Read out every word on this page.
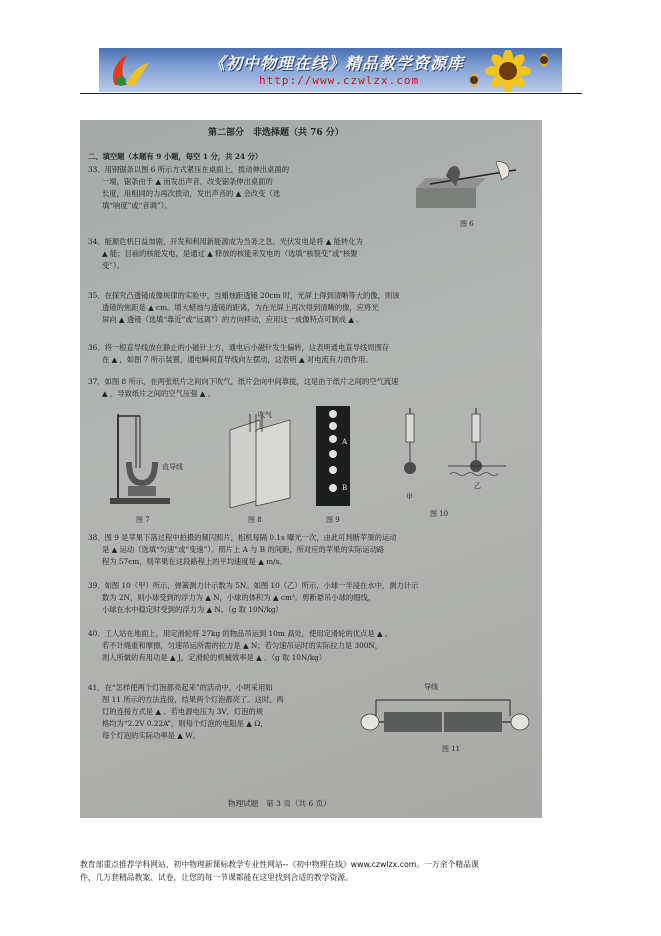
《初中物理在线》精品教学资源库
http://www.czwlzx.com
第二部分　非选择题（共 76 分）
二、填空题（本题有 9 小题，每空 1 分，共 24 分）
33．用钢锯条以图 6 所示方式紧压在桌面上，拨动伸出桌面的
一端，锯条由于 ▲ 而发出声音，改变锯条伸出桌面的
长度，用相同的力再次拨动，发出声音的 ▲ 会改变（选
填“响度”或“音调”）。
图 6
34．能源危机日益加剧，开发和利用新能源成为当务之急。光伏发电是将 ▲ 能转化为
▲ 能；目前的核能发电，是通过 ▲ 释放的核能来发电的（选填“核裂变”或“核聚
变”）。
35．在探究凸透镜成像规律的实验中，当蜡烛距透镜 20cm 时，光屏上得到清晰等大的像，则该
透镜的焦距是 ▲ cm。增大蜡烛与透镜的距离，为在光屏上再次得到清晰的像，应将光
屏向 ▲ 透镜（选填“靠近”或“远离”）的方向移动，应用这一成像特点可制成 ▲ 。
36．将一根直导线放在静止的小磁针上方，通电后小磁针发生偏转，这表明通电直导线周围存
在 ▲ ，如图 7 所示装置，通电瞬间直导线向左摆动，这表明 ▲ 对电流有力的作用。
37．如图 8 所示，在两张纸片之间向下吹气，纸片会向中间靠拢，这是由于纸片之间的空气流速
▲ ，导致纸片之间的空气压强 ▲ 。
直导线
吹气
A
B
甲
乙
图 7	图 8	图 9
图 10
38．图 9 是苹果下落过程中拍摄的频闪照片，相机每隔 0.1s 曝光一次，由此可判断苹果的运动
是 ▲ 运动（选填“匀速”或“变速”）。照片上 A 与 B 的间距，所对应的苹果的实际运动路
程为 57cm，则苹果在这段路程上的平均速度是 ▲ m/s。
39．如图 10（甲）所示，弹簧测力计示数为 5N。如图 10（乙）所示，小球一半浸在水中，测力计示
数为 2N，则小球受到的浮力为 ▲ N，小球的体积为 ▲ cm³。剪断悬吊小球的细线，
小球在水中稳定时受到的浮力为 ▲ N。（g 取 10N/kg）
40．工人站在地面上，用定滑轮将 27kg 的物品吊运到 10m 高处，使用定滑轮的优点是 ▲ 。
若不计绳重和摩擦，匀速吊运所需的拉力是 ▲ N；若匀速吊运时的实际拉力是 300N，
则人所做的有用功是 ▲ J，定滑轮的机械效率是 ▲ 。（g 取 10N/kg）
41．在“怎样使两个灯泡都亮起来”的活动中，小明采用如
图 11 所示的方法连接，结果两个灯泡都亮了。这时，两
灯的连接方式是 ▲ 。若电源电压为 3V，灯泡的规
格均为“2.2V 0.22A”，则每个灯泡的电阻是 ▲ Ω，
每个灯泡的实际功率是 ▲ W。
导线
图 11
物理试题　第 3 页（共 6 页）
教育部重点推荐学科网站、初中物理新课标教学专业性网站--《初中物理在线》www.czwlzx.com。一万余个精品课
件、几万套精品教案、试卷，让您的每一节课都能在这里找到合适的教学资源。
